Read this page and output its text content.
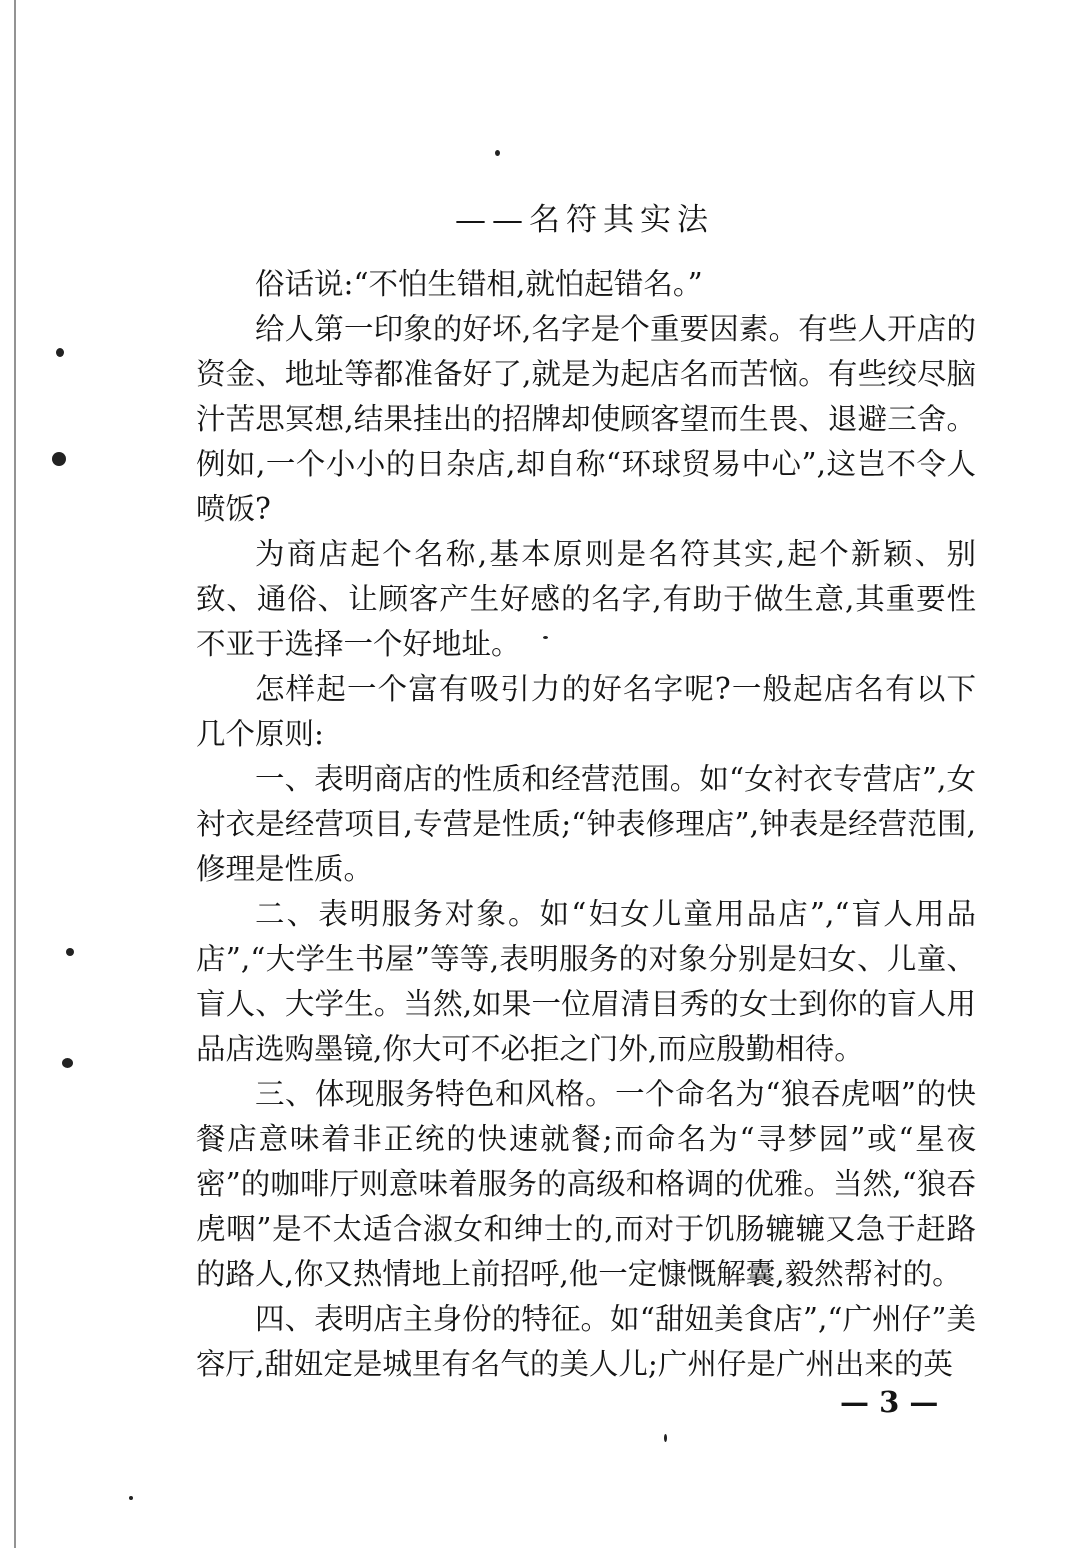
——名符其实法

俗话说:“不怕生错相,就怕起错名。”

给人第一印象的好坏,名字是个重要因素。有些人开店的资金、地址等都准备好了,就是为起店名而苦恼。有些绞尽脑汁苦思冥想,结果挂出的招牌却使顾客望而生畏、退避三舍。例如,一个小小的日杂店,却自称“环球贸易中心”,这岂不令人喷饭?

为商店起个名称,基本原则是名符其实,起个新颖、别致、通俗、让顾客产生好感的名字,有助于做生意,其重要性不亚于选择一个好地址。

怎样起一个富有吸引力的好名字呢?一般起店名有以下几个原则:

一、表明商店的性质和经营范围。如“女衬衣专营店”,女衬衣是经营项目,专营是性质;“钟表修理店”,钟表是经营范围,修理是性质。

二、表明服务对象。如“妇女儿童用品店”,“盲人用品店”,“大学生书屋”等等,表明服务的对象分别是妇女、儿童、盲人、大学生。当然,如果一位眉清目秀的女士到你的盲人用品店选购墨镜,你大可不必拒之门外,而应殷勤相待。

三、体现服务特色和风格。一个命名为“狼吞虎咽”的快餐店意味着非正统的快速就餐;而命名为“寻梦园”或“星夜密”的咖啡厅则意味着服务的高级和格调的优雅。当然,“狼吞虎咽”是不太适合淑女和绅士的,而对于饥肠辘辘又急于赶路的路人,你又热情地上前招呼,他一定慷慨解囊,毅然帮衬的。

四、表明店主身份的特征。如“甜妞美食店”,“广州仔”美容厅,甜妞定是城里有名气的美人儿;广州仔是广州出来的英

— 3 —
